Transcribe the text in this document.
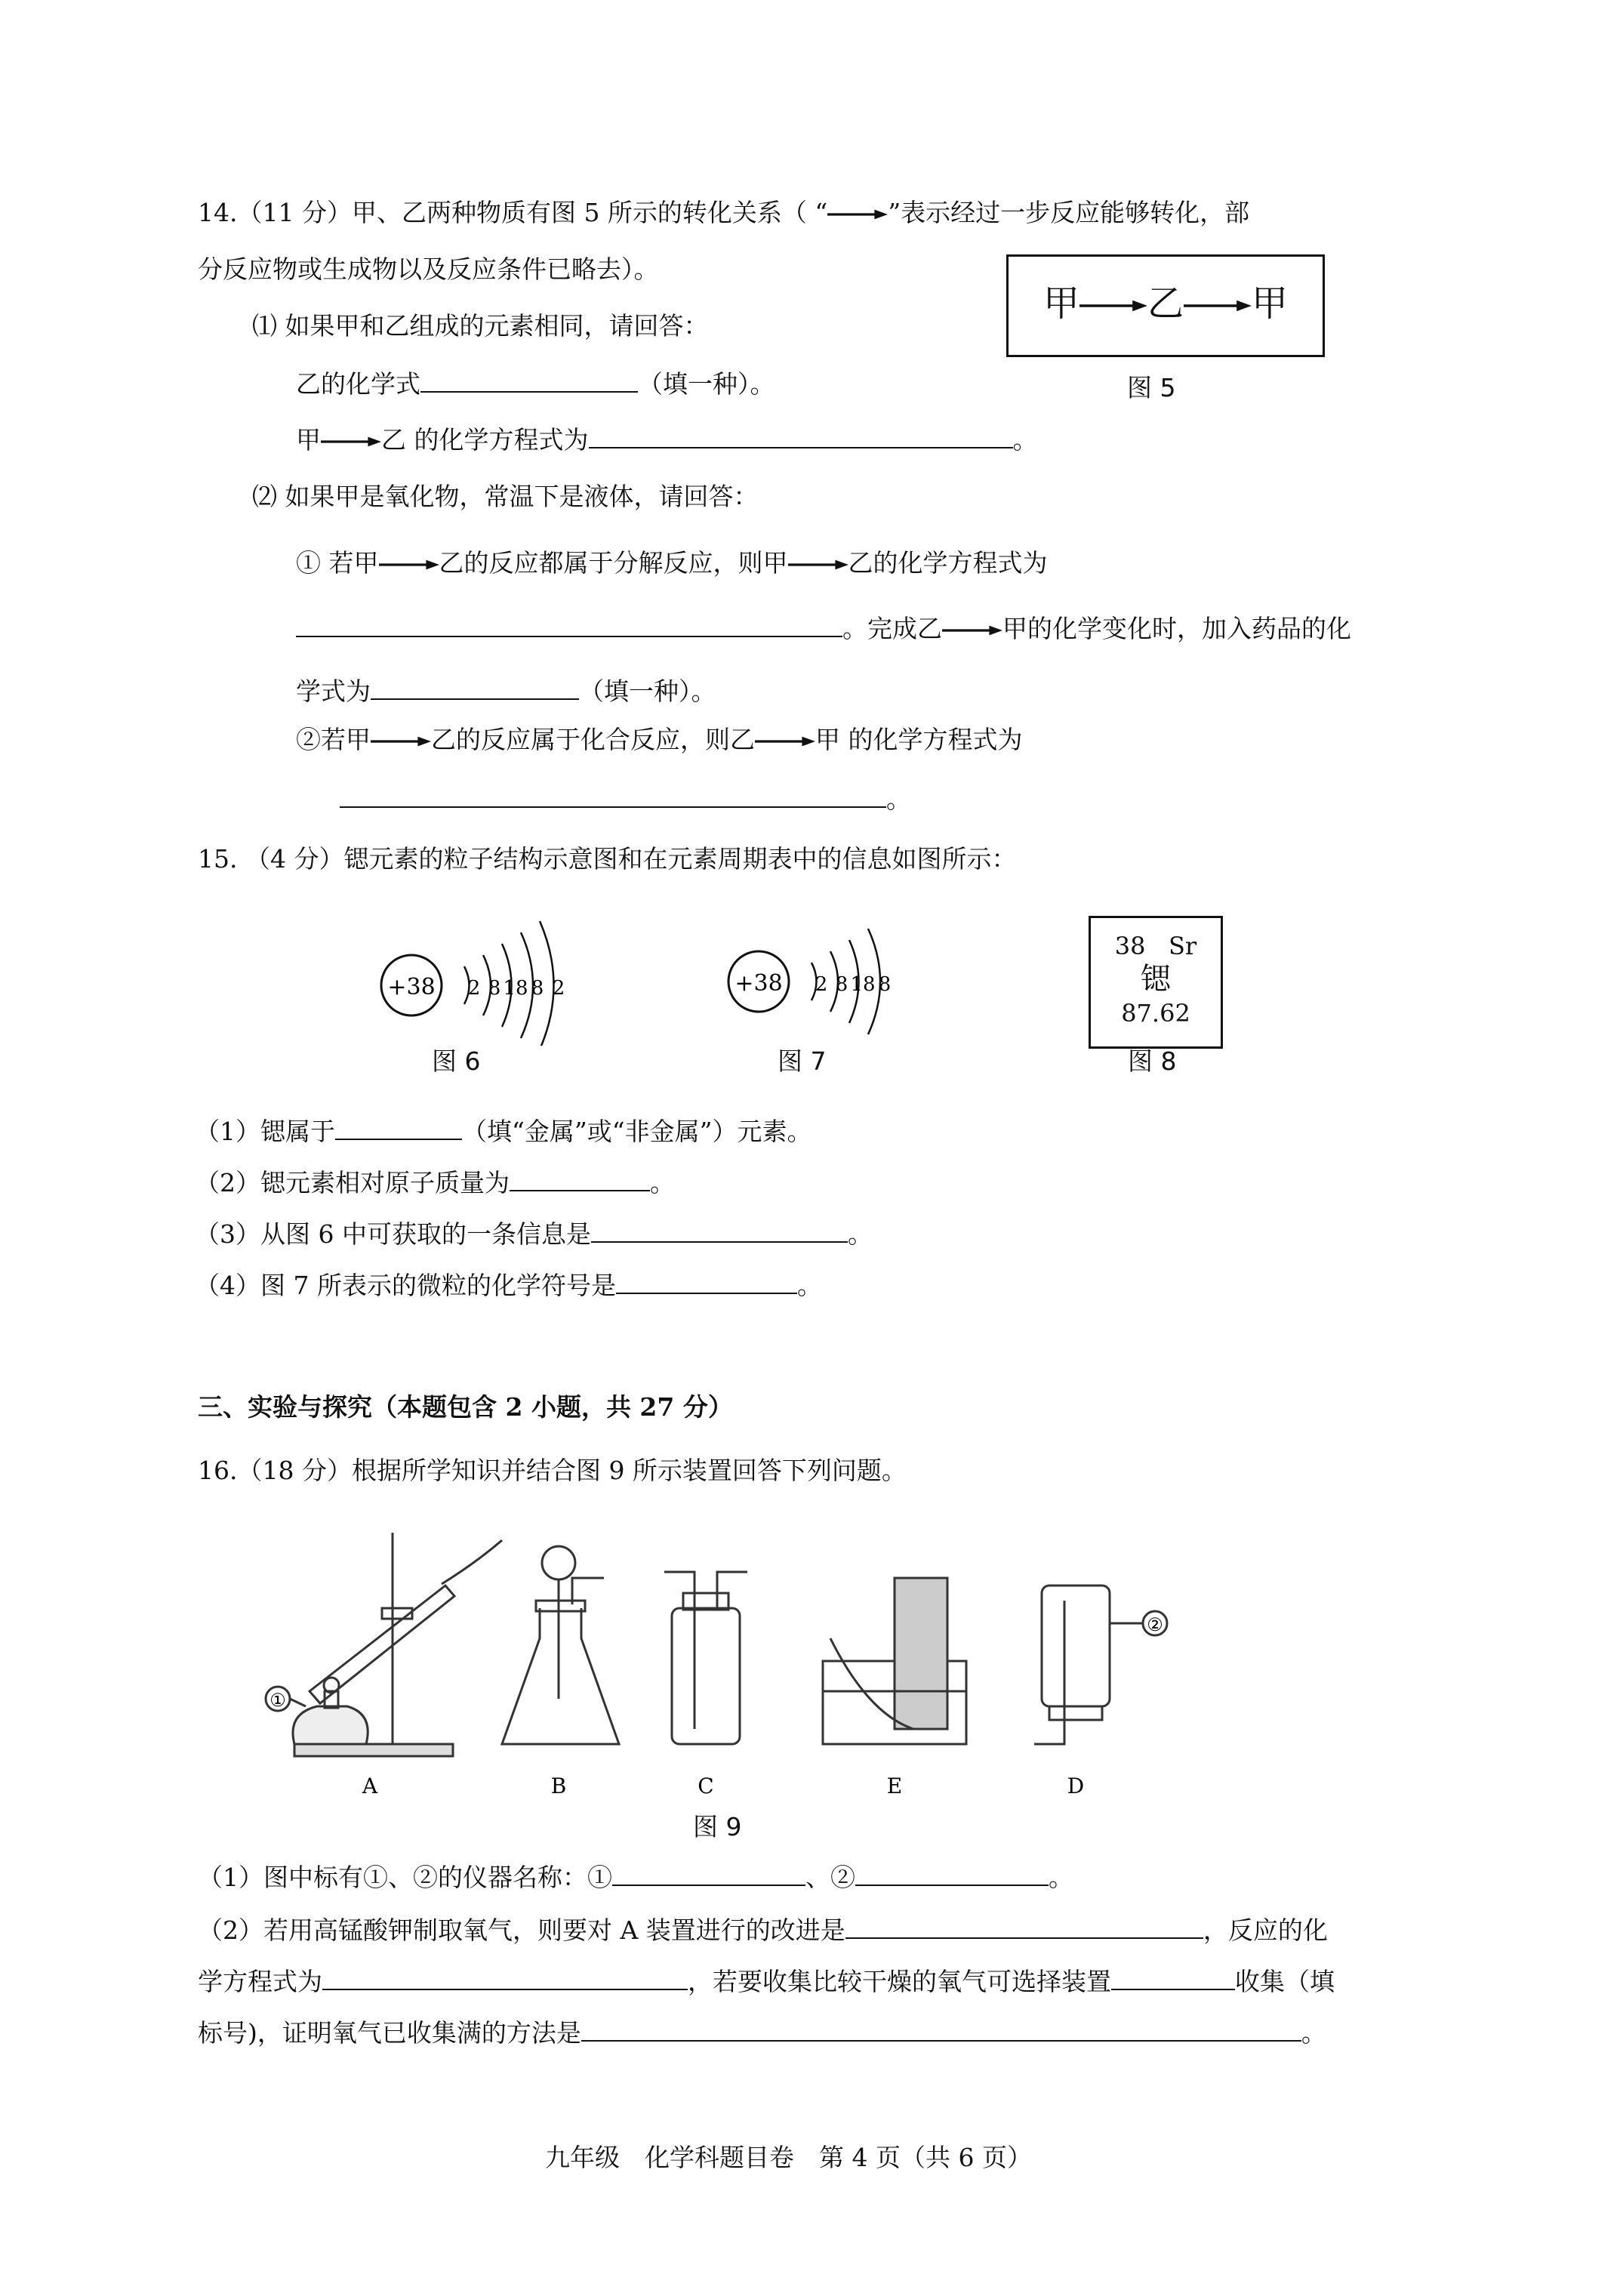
14.（11 分）甲、乙两种物质有图 5 所示的转化关系（ “ ”表示经过一步反应能够转化，部
分反应物或生成物以及反应条件已略去）。
甲 乙 甲
图 5
⑴ 如果甲和乙组成的元素相同，请回答：
乙的化学式	（填一种）。
甲 乙 的化学方程式为	。
⑵ 如果甲是氧化物，常温下是液体，请回答：
① 若甲 乙的反应都属于分解反应，则甲 乙的化学方程式为
。完成乙 甲的化学变化时，加入药品的化
学式为	（填一种）。
②若甲 乙的反应属于化合反应，则乙 甲 的化学方程式为
。
15. （4 分）锶元素的粒子结构示意图和在元素周期表中的信息如图所示：
+38 2 8 18 8 2
图 6
+38 2 8 18 8
图 7
38 Sr
锶
87.62
图 8
（1）锶属于	（填“金属”或“非金属”）元素。
（2）锶元素相对原子质量为	。
（3）从图 6 中可获取的一条信息是	。
（4）图 7 所表示的微粒的化学符号是	。
三、实验与探究（本题包含 2 小题，共 27 分）
16.（18 分）根据所学知识并结合图 9 所示装置回答下列问题。
①
②
A	B	C	E	D
图 9
（1）图中标有①、②的仪器名称：①	、②	。
（2）若用高锰酸钾制取氧气，则要对 A 装置进行的改进是	，反应的化
学方程式为	，若要收集比较干燥的氧气可选择装置	收集（填
标号)，证明氧气已收集满的方法是	。
九年级　化学科题目卷　第 4 页（共 6 页）
